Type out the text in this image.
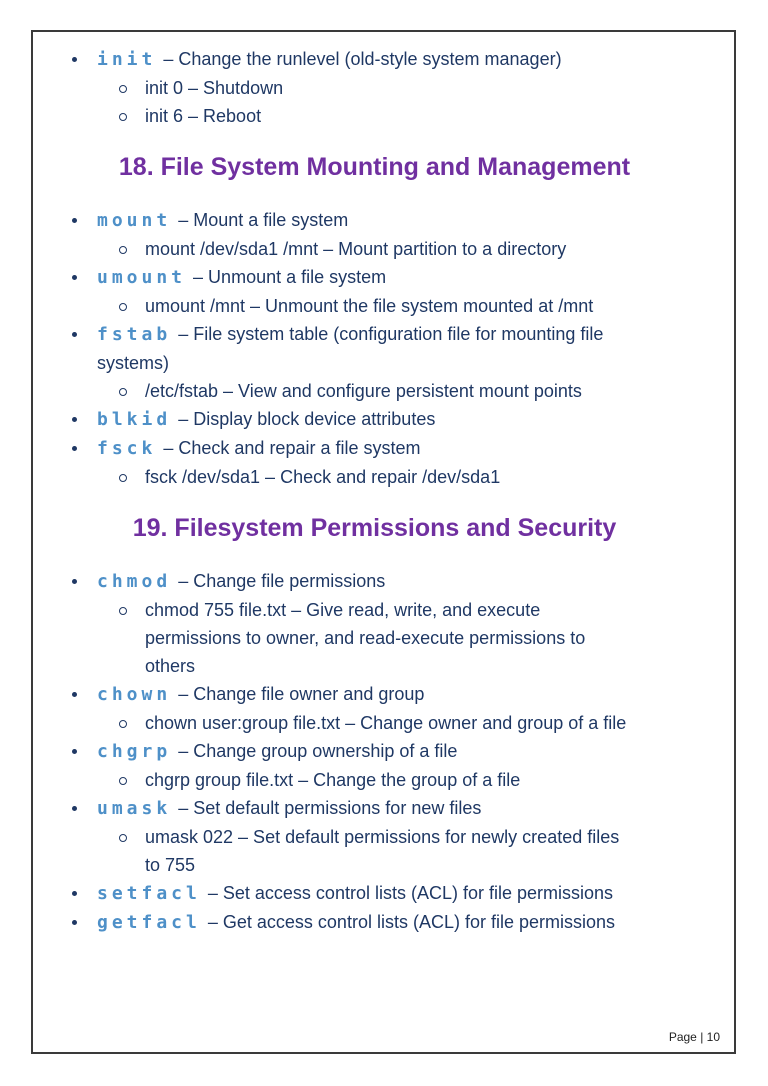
init – Change the runlevel (old-style system manager)
init 0 – Shutdown
init 6 – Reboot
18. File System Mounting and Management
mount – Mount a file system
mount /dev/sda1 /mnt – Mount partition to a directory
umount – Unmount a file system
umount /mnt – Unmount the file system mounted at /mnt
fstab – File system table (configuration file for mounting file
systems)
/etc/fstab – View and configure persistent mount points
blkid – Display block device attributes
fsck – Check and repair a file system
fsck /dev/sda1 – Check and repair /dev/sda1
19. Filesystem Permissions and Security
chmod – Change file permissions
chmod 755 file.txt – Give read, write, and execute
permissions to owner, and read-execute permissions to
others
chown – Change file owner and group
chown user:group file.txt – Change owner and group of a file
chgrp – Change group ownership of a file
chgrp group file.txt – Change the group of a file
umask – Set default permissions for new files
umask 022 – Set default permissions for newly created files
to 755
setfacl – Set access control lists (ACL) for file permissions
getfacl – Get access control lists (ACL) for file permissions
Page | 10
